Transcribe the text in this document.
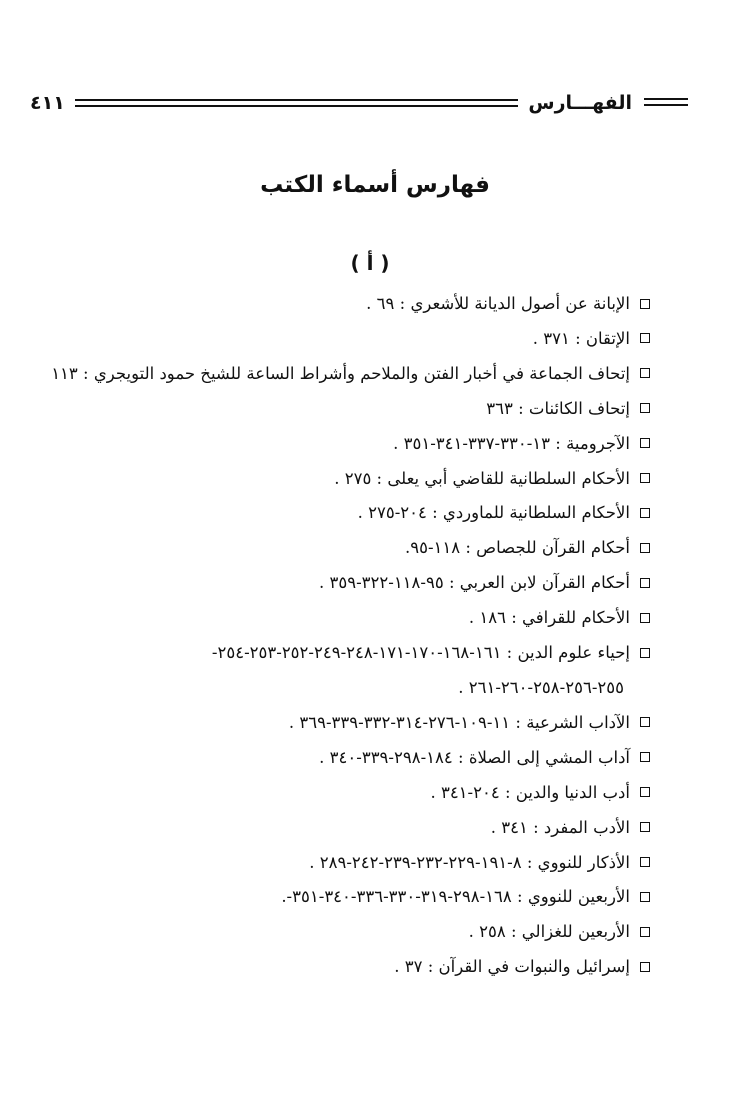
الفهـــارس
٤١١
فهارس أسماء الكتب
( أ )
الإبانة عن أصول الديانة للأشعري : ٦٩ .
الإتقان : ٣٧١ .
إتحاف الجماعة في أخبار الفتن والملاحم وأشراط الساعة للشيخ حمود التويجري : ١١٣
إتحاف الكائنات : ٣٦٣
الآجرومية : ١٣-٣٣٠-٣٣٧-٣٤١-٣٥١ .
الأحكام السلطانية للقاضي أبي يعلى : ٢٧٥ .
الأحكام السلطانية للماوردي : ٢٠٤-٢٧٥ .
أحكام القرآن للجصاص : ١١٨-٩٥.
أحكام القرآن لابن العربي : ٩٥-١١٨-٣٢٢-٣٥٩ .
الأحكام للقرافي : ١٨٦ .
إحياء علوم الدين : ١٦١-١٦٨-١٧٠-١٧١-٢٤٨-٢٤٩-٢٥٢-٢٥٣-٢٥٤-
٢٥٥-٢٥٦-٢٥٨-٢٦٠-٢٦١ .
الآداب الشرعية : ١١-١٠٩-٢٧٦-٣١٤-٣٣٢-٣٣٩-٣٦٩ .
آداب المشي إلى الصلاة : ١٨٤-٢٩٨-٣٣٩-٣٤٠ .
أدب الدنيا والدين : ٢٠٤-٣٤١ .
الأدب المفرد : ٣٤١ .
الأذكار للنووي : ٨-١٩١-٢٢٩-٢٣٢-٢٣٩-٢٤٢-٢٨٩ .
الأربعين للنووي : ١٦٨-٢٩٨-٣١٩-٣٣٠-٣٣٦-٣٤٠-٣٥١-.
الأربعين للغزالي : ٢٥٨ .
إسرائيل والنبوات في القرآن : ٣٧ .
